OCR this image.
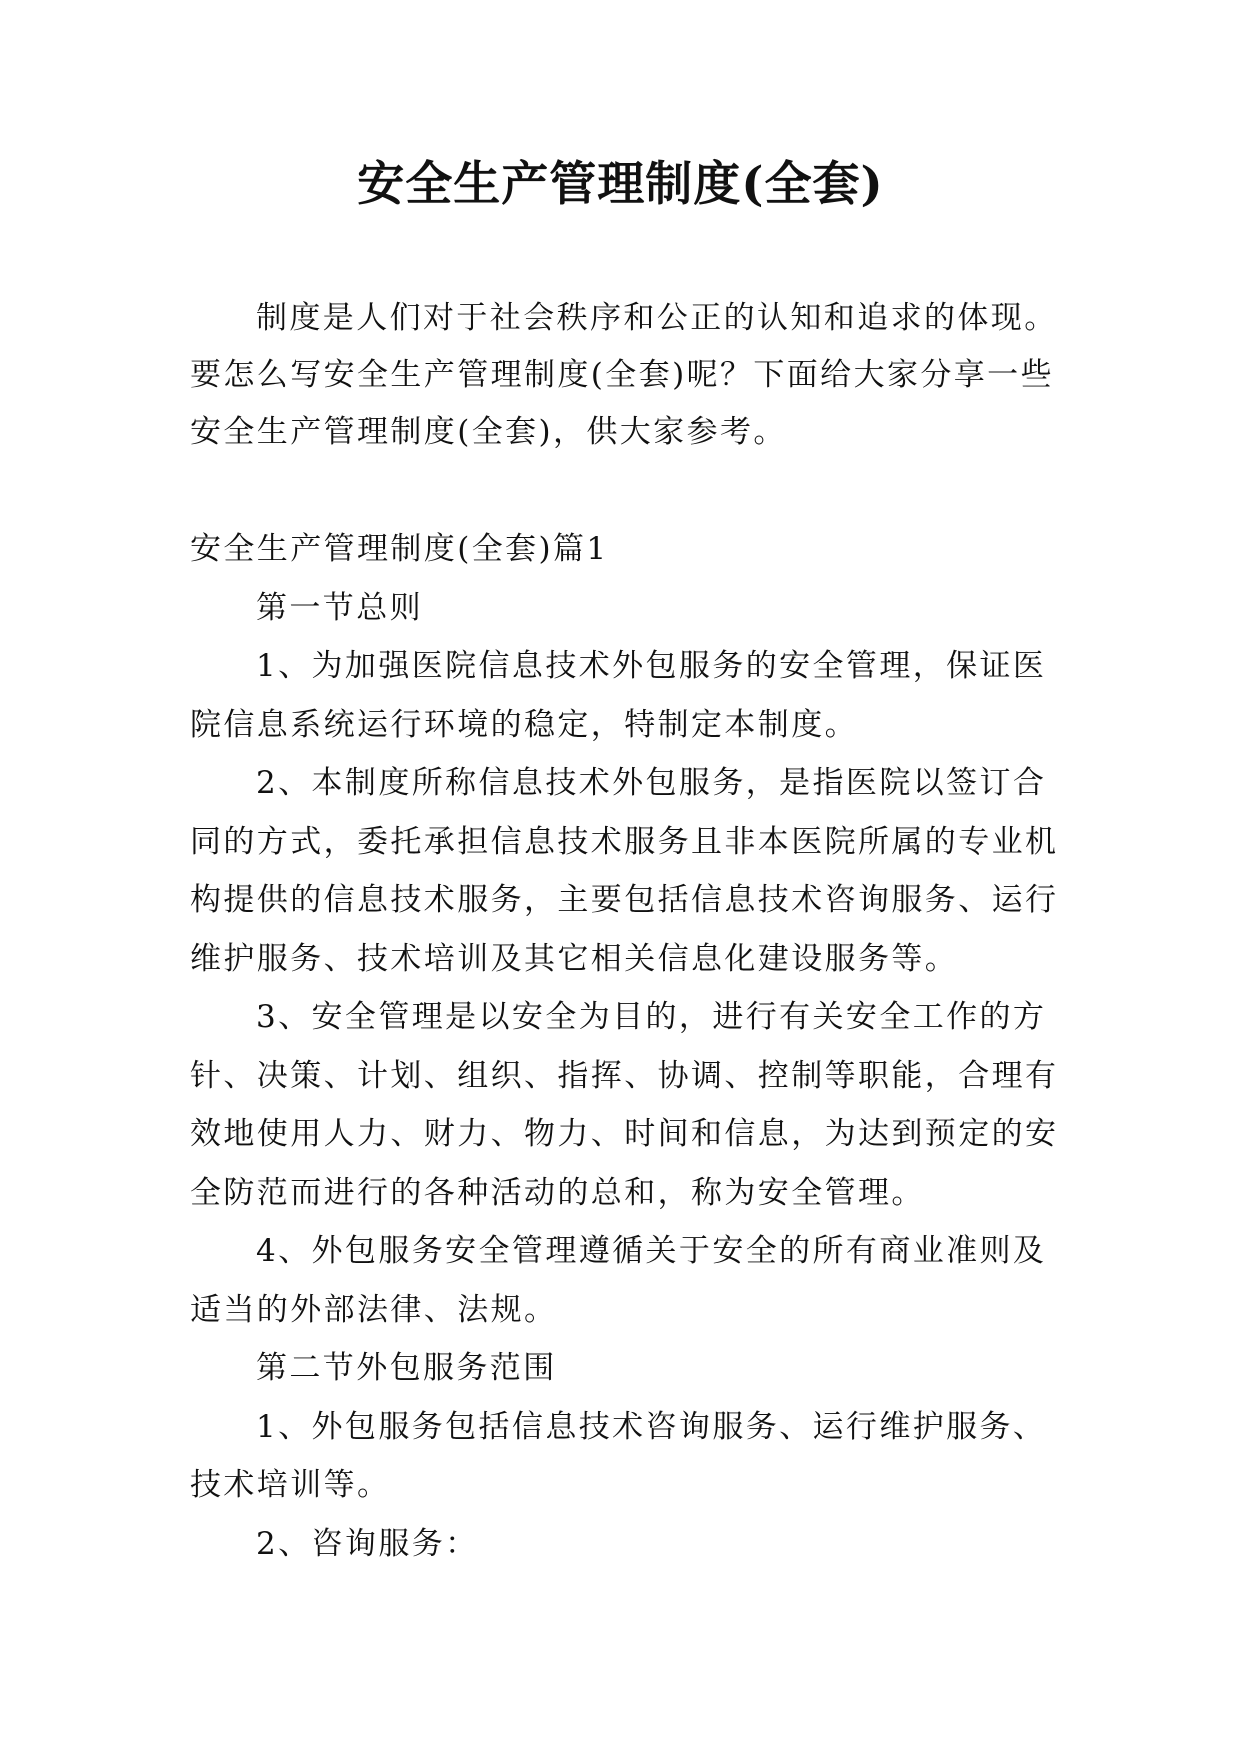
安全生产管理制度(全套)

制度是人们对于社会秩序和公正的认知和追求的体现。要怎么写安全生产管理制度(全套)呢？下面给大家分享一些安全生产管理制度(全套)，供大家参考。

安全生产管理制度(全套)篇1

第一节总则

1、为加强医院信息技术外包服务的安全管理，保证医院信息系统运行环境的稳定，特制定本制度。

2、本制度所称信息技术外包服务，是指医院以签订合同的方式，委托承担信息技术服务且非本医院所属的专业机构提供的信息技术服务，主要包括信息技术咨询服务、运行维护服务、技术培训及其它相关信息化建设服务等。

3、安全管理是以安全为目的，进行有关安全工作的方针、决策、计划、组织、指挥、协调、控制等职能，合理有效地使用人力、财力、物力、时间和信息，为达到预定的安全防范而进行的各种活动的总和，称为安全管理。

4、外包服务安全管理遵循关于安全的所有商业准则及适当的外部法律、法规。

第二节外包服务范围

1、外包服务包括信息技术咨询服务、运行维护服务、技术培训等。

2、咨询服务：
